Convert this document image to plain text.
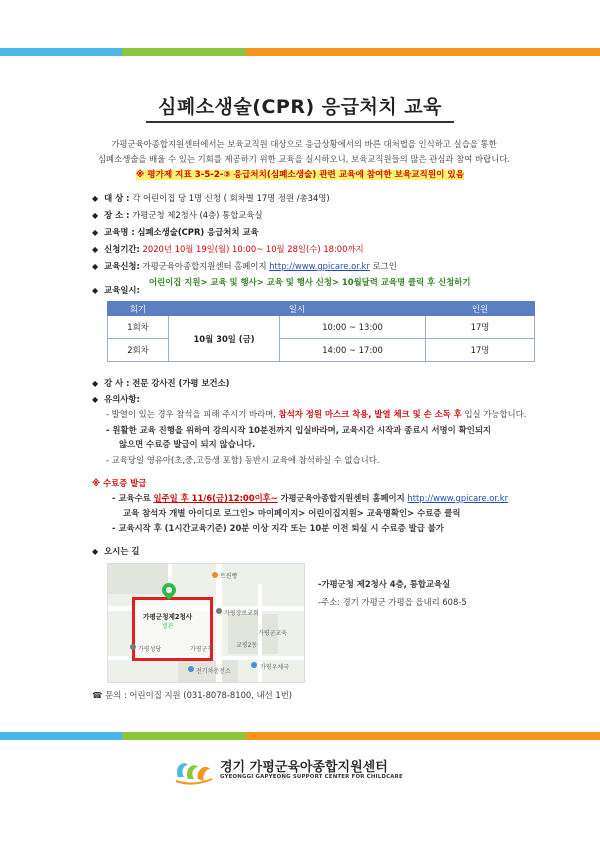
심폐소생술(CPR) 응급처치 교육

가평군육아종합지원센터에서는 보육교직원 대상으로 응급상황에서의 바른 대처법을 인식하고 실습을 통한

심폐소생술을 배울 수 있는 기회를 제공하기 위한 교육을 실시하오니, 보육교직원들의 많은 관심과 참여 바랍니다.

※ 평가제 지표 3-5-2-③ 응급처치(심폐소생술) 관련 교육에 참여한 보육교직원이 있음
◆ 대 상 : 각 어린이집 당 1명 신청 ( 회차별 17명 정원 /총34명)
◆ 장 소 : 가평군청 제2청사 (4층) 통합교육실
◆ 교육명 : 심폐소생술(CPR) 응급처치 교육
◆ 신청기간: 2020년 10월 19일(월) 10:00~ 10월 28일(수) 18:00까지
◆ 교육신청: 가평군육아종합지원센터 홈페이지 http://www.gpicare.or.kr 로그인
어린이집 지원> 교육 및 행사> 교육 및 행사 신청> 10월달력 교육명 클릭 후 신청하기
◆ 교육일시:
회기	일시		인원
1회차	10월 30일 (금)	10:00 ~ 13:00	17명
2회차		14:00 ~ 17:00	17명
◆ 강 사 : 전문 강사진 (가평 보건소)
◆ 유의사항:
- 발열이 있는 경우 참석을 피해 주시기 바라며, 참석자 정원 마스크 착용, 발열 체크 및 손 소독 후 입실 가능합니다.
- 원활한 교육 진행을 위하여 강의시작 10분전까지 입실바라며, 교육시간 시작과 종료시 서명이 확인되지
않으면 수료증 발급이 되지 않습니다.
- 교육당일 영유아(초,중,고등생 포함) 동반시 교육에 참석하실 수 없습니다.
※ 수료증 발급
- 교육수료 일주일 후 11/6(금)12:00이후~ 가평군육아종합지원센터 홈페이지 http://www.gpicare.or.kr
교육 참석자 개별 아이디로 로그인> 마이페이지> 어린이집지원> 교육명확인> 수료증 클릭
- 교육시작 후 (1시간교육기준) 20분 이상 지각 또는 10분 이전 퇴실 시 수료증 발급 불가
◆ 오시는 길
가평군청제2청사
별관
트윈빵
가평군청
가평장로교회
교평2동
가평성당
전기차충전소
가평우체국
가평군교육
-가평군청 제2청사 4층, 통합교육실
-주소: 경기 가평군 가평읍 읍내리 608-5
☎ 문의 : 어린이집 지원 (031-8078-8100, 내선 1번)
경기 가평군육아종합지원센터
GYEONGGI GAPYEONG SUPPORT CENTER FOR CHILDCARE
